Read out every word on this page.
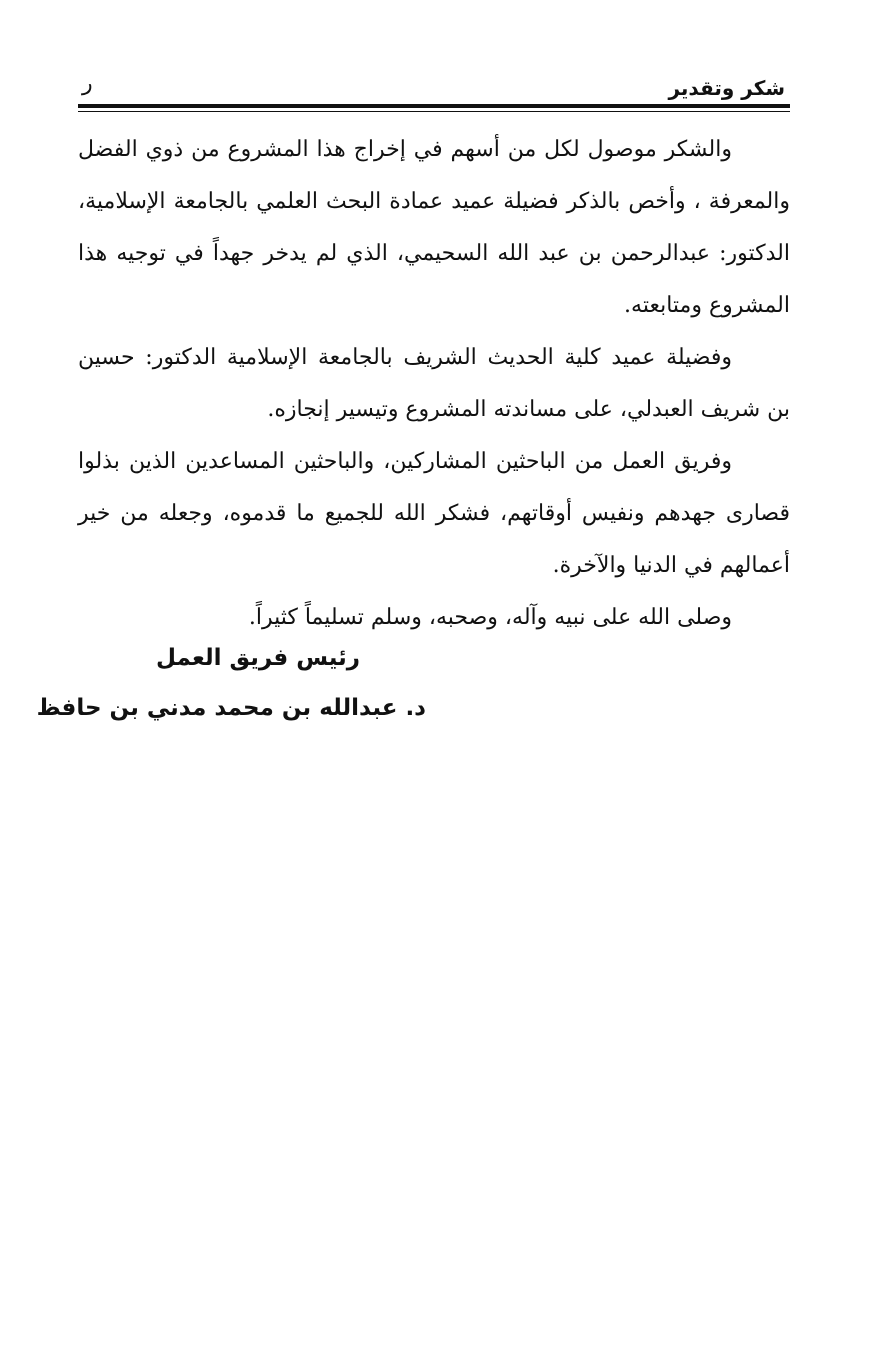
شكر وتقدير
ر

والشكر موصول لكل من أسهم في إخراج هذا المشروع من ذوي الفضل والمعرفة ، وأخص بالذكر فضيلة عميد عمادة البحث العلمي بالجامعة الإسلامية، الدكتور: عبدالرحمن بن عبد الله السحيمي، الذي لم يدخر جهداً في توجيه هذا المشروع ومتابعته.

وفضيلة عميد كلية الحديث الشريف بالجامعة الإسلامية الدكتور: حسين بن شريف العبدلي، على مساندته المشروع وتيسير إنجازه.

وفريق العمل من الباحثين المشاركين، والباحثين المساعدين الذين بذلوا قصارى جهدهم ونفيس أوقاتهم، فشكر الله للجميع ما قدموه، وجعله من خير أعمالهم في الدنيا والآخرة.

وصلى الله على نبيه وآله، وصحبه، وسلم تسليماً كثيراً.

رئيس فريق العمل
د. عبدالله بن محمد مدني بن حافظ
